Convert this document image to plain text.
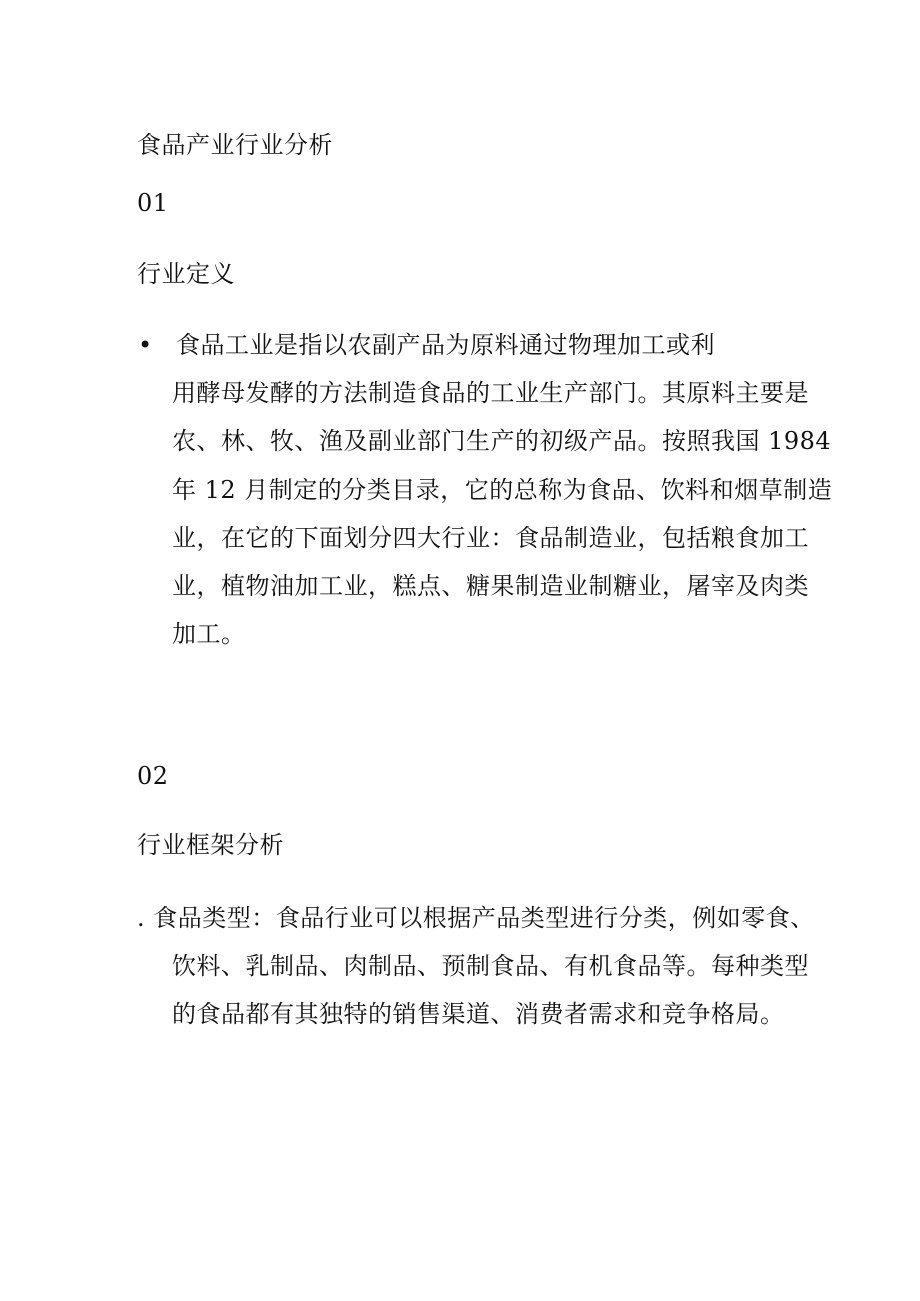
食品产业行业分析
01
行业定义
• 食品工业是指以农副产品为原料通过物理加工或利
用酵母发酵的方法制造食品的工业生产部门。其原料主要是
农、林、牧、渔及副业部门生产的初级产品。按照我国 1984
年 12 月制定的分类目录，它的总称为食品、饮料和烟草制造
业，在它的下面划分四大行业：食品制造业，包括粮食加工
业，植物油加工业，糕点、糖果制造业制糖业，屠宰及肉类
加工。
02
行业框架分析
. 食品类型：食品行业可以根据产品类型进行分类，例如零食、
饮料、乳制品、肉制品、预制食品、有机食品等。每种类型
的食品都有其独特的销售渠道、消费者需求和竞争格局。
